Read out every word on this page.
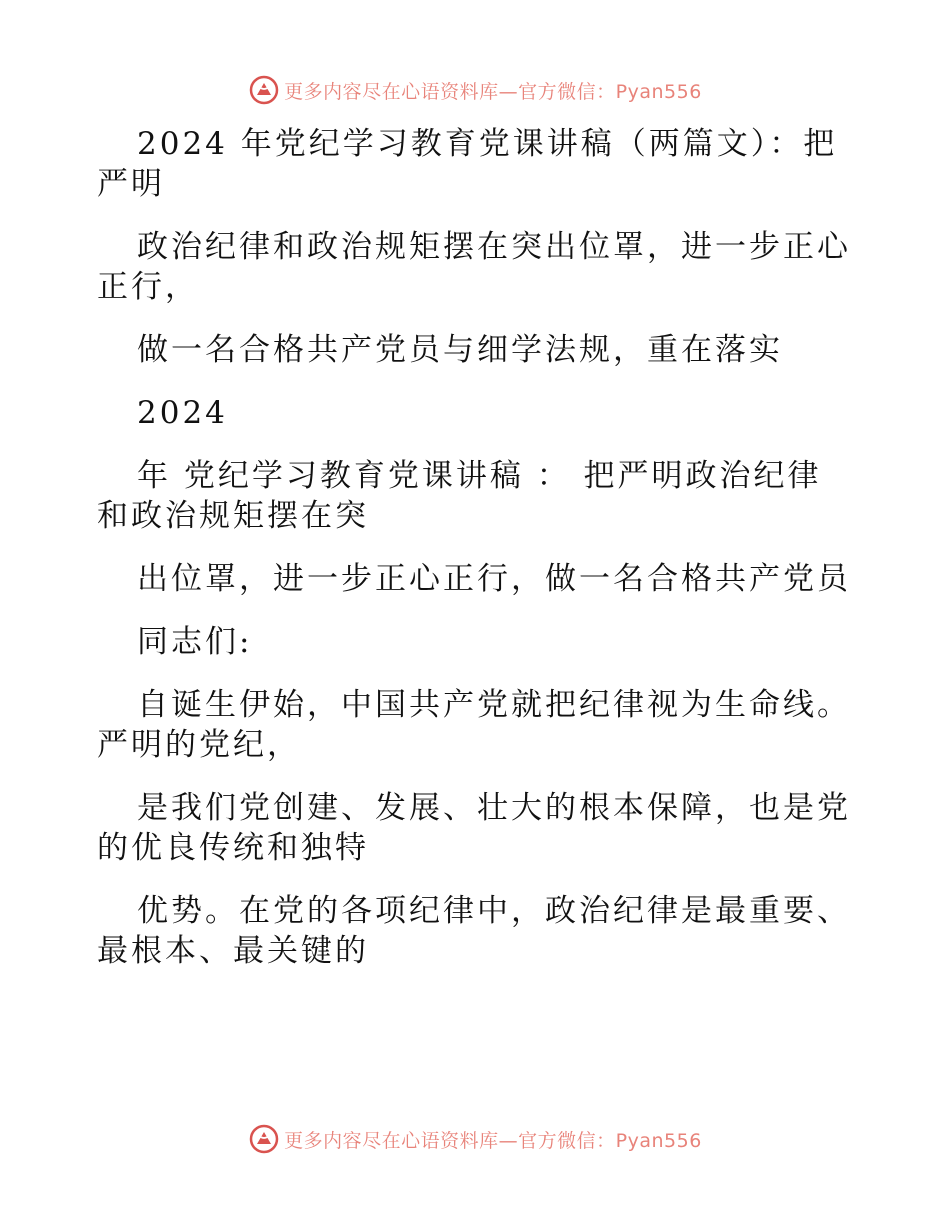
更多内容尽在心语资料库—官方微信：Pyan556

2024 年党纪学习教育党课讲稿（两篇文）：把

严明

政治纪律和政治规矩摆在突出位罩，进一步正心

正行，

做一名合格共产党员与细学法规，重在落实

2024

年 党纪学习教育党课讲稿 ： 把严明政治纪律

和政治规矩摆在突

出位罩，进一步正心正行，做一名合格共产党员

同志们:

自诞生伊始，中国共产党就把纪律视为生命线。

严明的党纪，

是我们党创建、发展、壮大的根本保障，也是党

的优良传统和独特

优势。在党的各项纪律中，政治纪律是最重要、

最根本、最关键的

更多内容尽在心语资料库—官方微信：Pyan556
